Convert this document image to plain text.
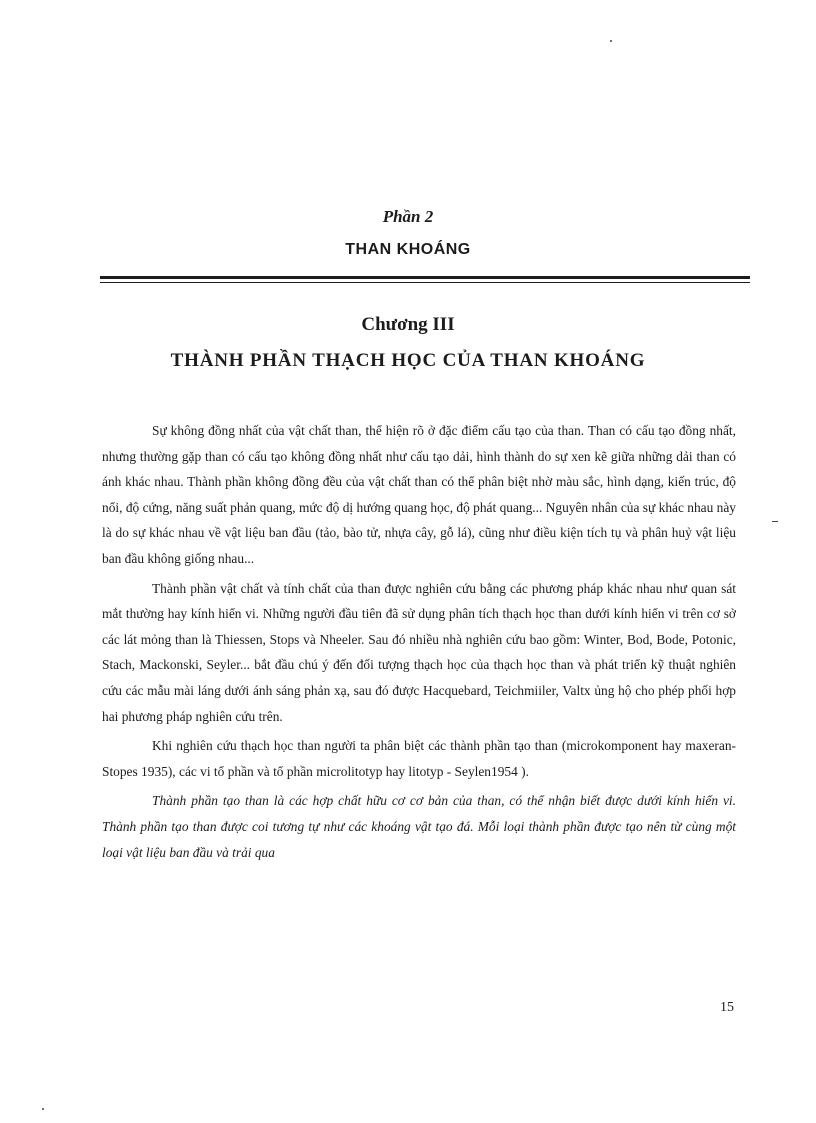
Phần 2
THAN KHOÁNG
Chương III
THÀNH PHẦN THẠCH HỌC CỦA THAN KHOÁNG

Sự không đồng nhất của vật chất than, thể hiện rõ ở đặc điểm cấu tạo của than. Than có cấu tạo đồng nhất, nhưng thường gặp than có cấu tạo không đồng nhất như cấu tạo dải, hình thành do sự xen kẽ giữa những dải than có ánh khác nhau. Thành phần không đồng đều của vật chất than có thể phân biệt nhờ màu sắc, hình dạng, kiến trúc, độ nổi, độ cứng, năng suất phản quang, mức độ dị hướng quang học, độ phát quang... Nguyên nhân của sự khác nhau này là do sự khác nhau về vật liệu ban đầu (tảo, bào tử, nhựa cây, gỗ lá), cũng như điều kiện tích tụ và phân huỷ vật liệu ban đầu không giống nhau...

Thành phần vật chất và tính chất của than được nghiên cứu bằng các phương pháp khác nhau như quan sát mắt thường hay kính hiển vi. Những người đầu tiên đã sử dụng phân tích thạch học than dưới kính hiển vi trên cơ sở các lát mỏng than là Thiessen, Stops và Nheeler. Sau đó nhiều nhà nghiên cứu bao gồm: Winter, Bod, Bode, Potonic, Stach, Mackonski, Seyler... bắt đầu chú ý đến đối tượng thạch học của thạch học than và phát triển kỹ thuật nghiên cứu các mẫu mài láng dưới ánh sáng phản xạ, sau đó được Hacquebard, Teichmiiler, Valtx ủng hộ cho phép phối hợp hai phương pháp nghiên cứu trên.

Khi nghiên cứu thạch học than người ta phân biệt các thành phần tạo than (microkomponent hay maxeran- Stopes 1935), các vi tổ phần và tổ phần microlitotyp hay litotyp - Seylen1954 ).

Thành phần tạo than là các hợp chất hữu cơ cơ bản của than, có thể nhận biết được dưới kính hiển vi. Thành phần tạo than được coi tương tự như các khoáng vật tạo đá. Mỗi loại thành phần được tạo nên từ cùng một loại vật liệu ban đầu và trải qua

15
